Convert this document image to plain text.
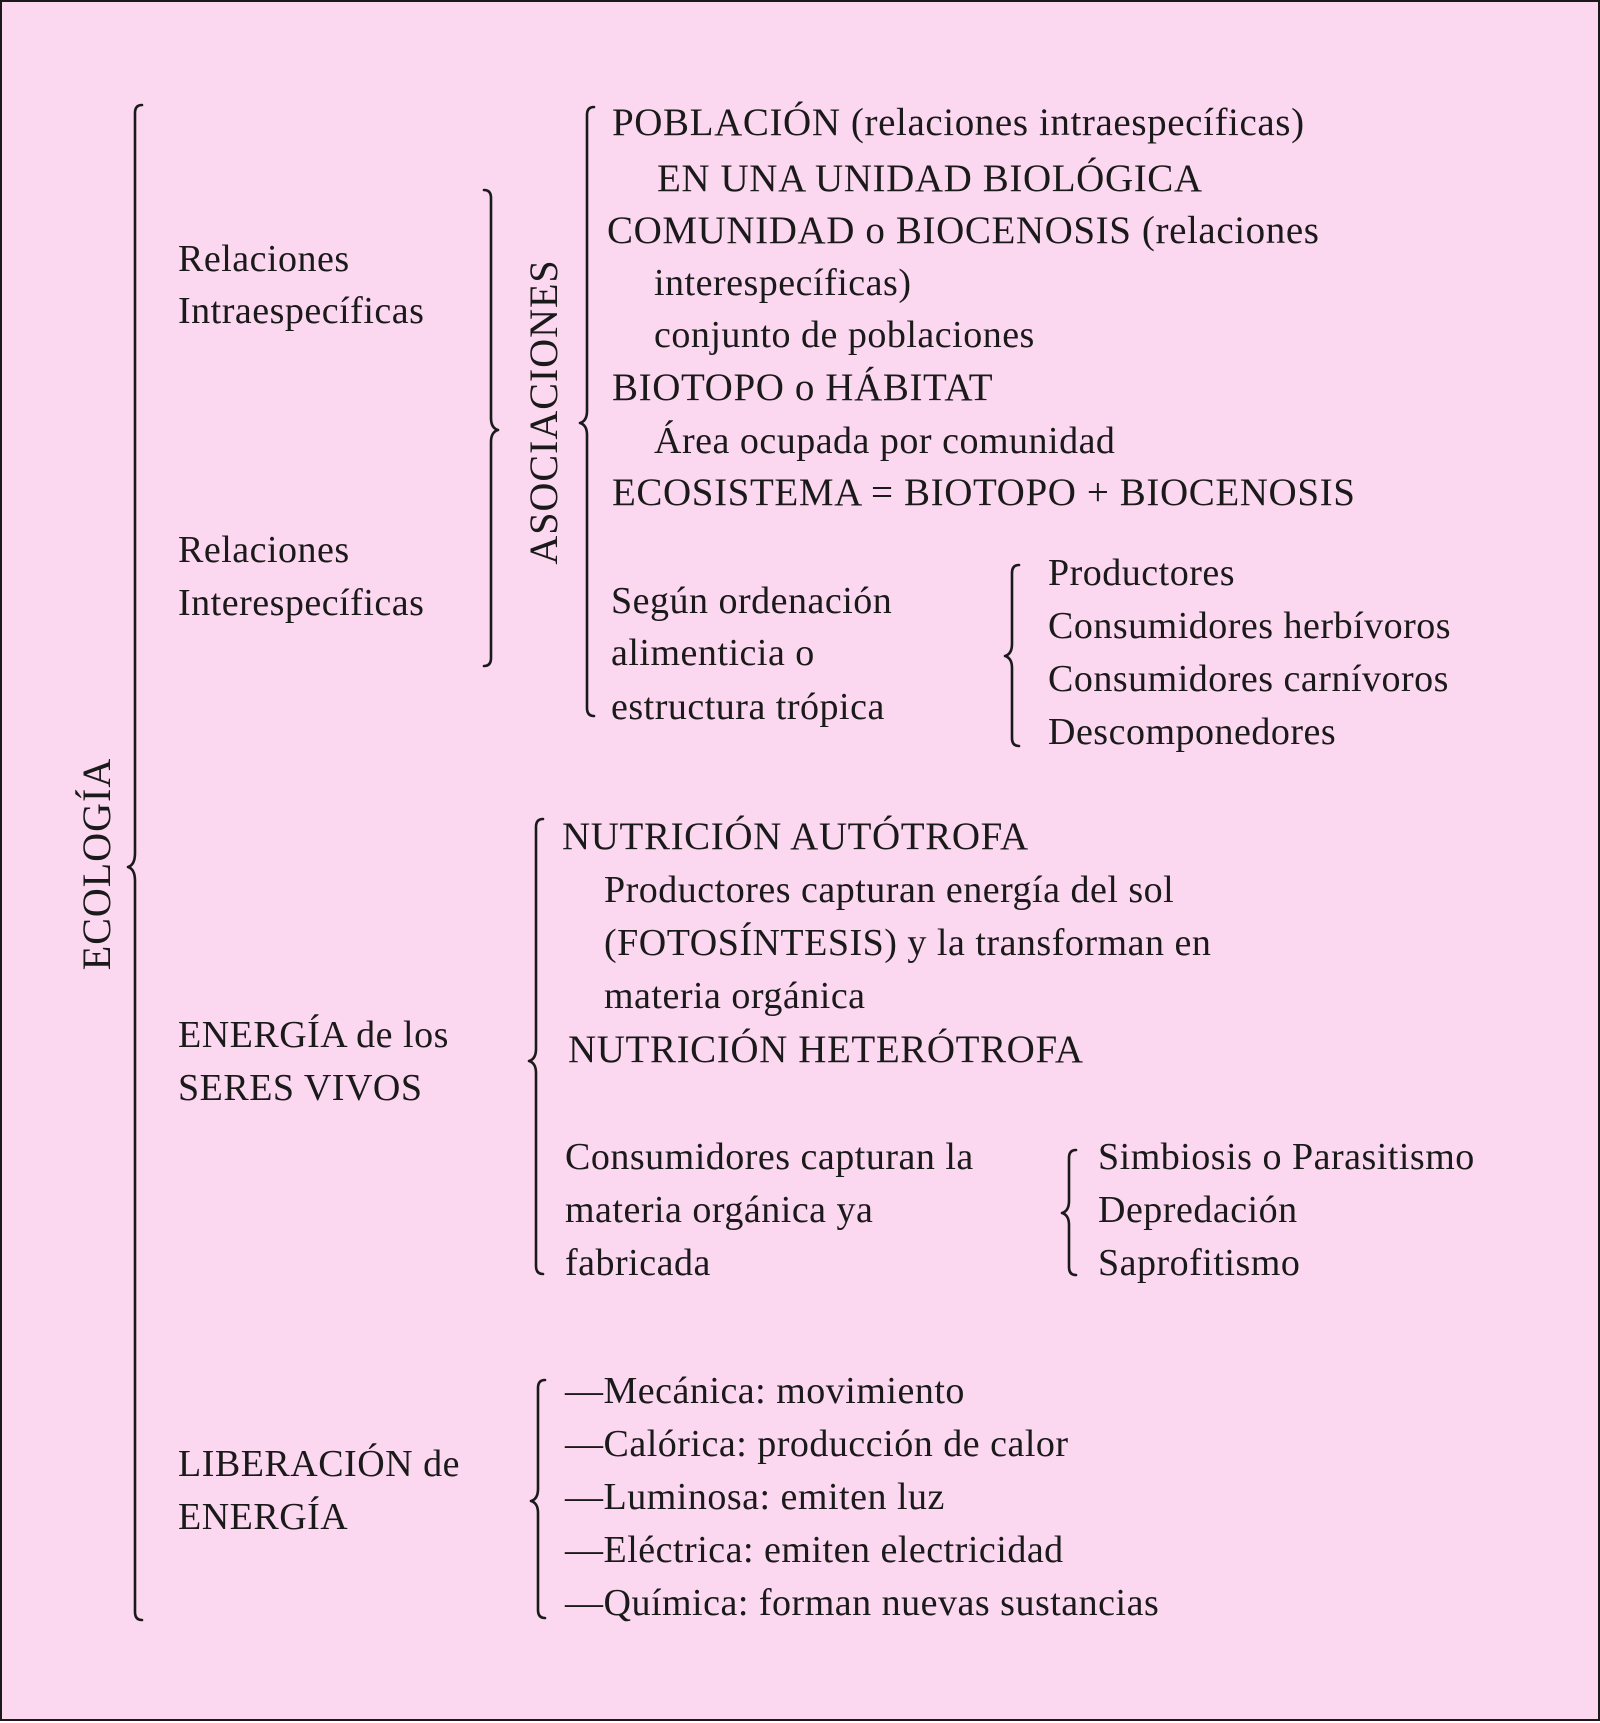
ECOLOGÍA
Relaciones
Intraespecíficas
Relaciones
Interespecíficas
ASOCIACIONES
POBLACIÓN (relaciones intraespecíficas)
EN UNA UNIDAD BIOLÓGICA
COMUNIDAD o BIOCENOSIS (relaciones
interespecíficas)
conjunto de poblaciones
BIOTOPO o HÁBITAT
Área ocupada por comunidad
ECOSISTEMA = BIOTOPO + BIOCENOSIS
Según ordenación
alimenticia o
estructura trópica
Productores
Consumidores herbívoros
Consumidores carnívoros
Descomponedores
ENERGÍA de los
SERES VIVOS
NUTRICIÓN AUTÓTROFA
Productores capturan energía del sol
(FOTOSÍNTESIS) y la transforman en
materia orgánica
NUTRICIÓN HETERÓTROFA
Consumidores capturan la
materia orgánica ya
fabricada
Simbiosis o Parasitismo
Depredación
Saprofitismo
LIBERACIÓN de
ENERGÍA
—Mecánica: movimiento
—Calórica: producción de calor
—Luminosa: emiten luz
—Eléctrica: emiten electricidad
—Química: forman nuevas sustancias
